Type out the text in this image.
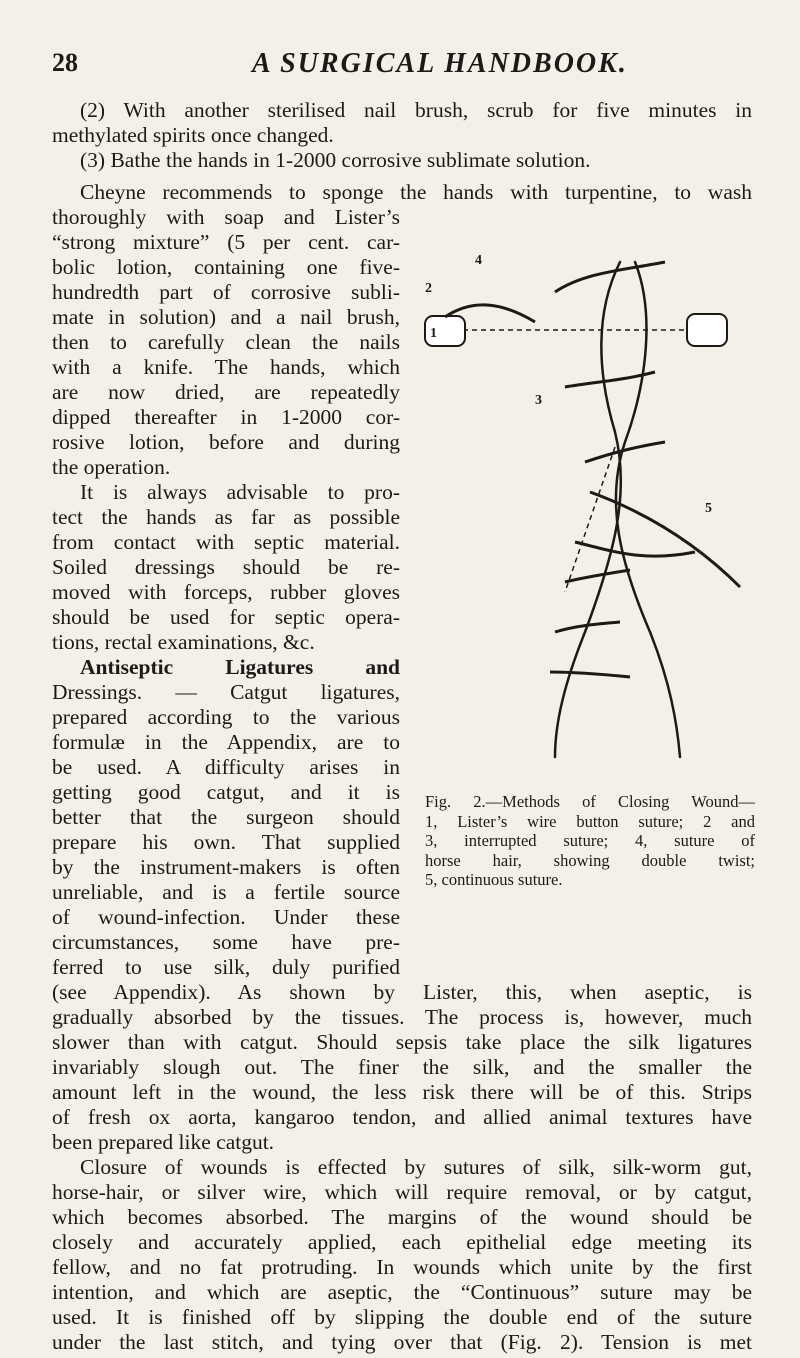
28	A SURGICAL HANDBOOK.
(2) With another sterilised nail brush, scrub for five minutes in
methylated spirits once changed.
(3) Bathe the hands in 1-2000 corrosive sublimate solution.
Cheyne recommends to sponge the hands with turpentine, to wash
thoroughly with soap and Lister’s
“strong mixture” (5 per cent. car-
bolic lotion, containing one five-
hundredth part of corrosive subli-
mate in solution) and a nail brush,
then to carefully clean the nails
with a knife. The hands, which
are now dried, are repeatedly
dipped thereafter in 1-2000 cor-
rosive lotion, before and during
the operation.
It is always advisable to pro-
tect the hands as far as possible
from contact with septic material.
Soiled dressings should be re-
moved with forceps, rubber gloves
should be used for septic opera-
tions, rectal examinations, &c.
Antiseptic Ligatures and
Dressings. — Catgut ligatures,
prepared according to the various
formulæ in the Appendix, are to
be used. A difficulty arises in
getting good catgut, and it is
better that the surgeon should
prepare his own. That supplied
by the instrument-makers is often
unreliable, and is a fertile source
of wound-infection. Under these
circumstances, some have pre-
ferred to use silk, duly purified
(see Appendix). As shown by Lister, this, when aseptic, is
gradually absorbed by the tissues. The process is, however, much
slower than with catgut. Should sepsis take place the silk ligatures
invariably slough out. The finer the silk, and the smaller the
amount left in the wound, the less risk there will be of this. Strips
of fresh ox aorta, kangaroo tendon, and allied animal textures have
been prepared like catgut.
Closure of wounds is effected by sutures of silk, silk-worm gut,
horse-hair, or silver wire, which will require removal, or by catgut,
which becomes absorbed. The margins of the wound should be
closely and accurately applied, each epithelial edge meeting its
fellow, and no fat protruding. In wounds which unite by the first
intention, and which are aseptic, the “Continuous” suture may be
used. It is finished off by slipping the double end of the suture
under the last stitch, and tying over that (Fig. 2). Tension is met
1
2
3
4
5
Fig. 2.—Methods of Closing Wound—
1, Lister’s wire button suture; 2 and
3, interrupted suture; 4, suture of
horse hair, showing double twist;
5, continuous suture.
